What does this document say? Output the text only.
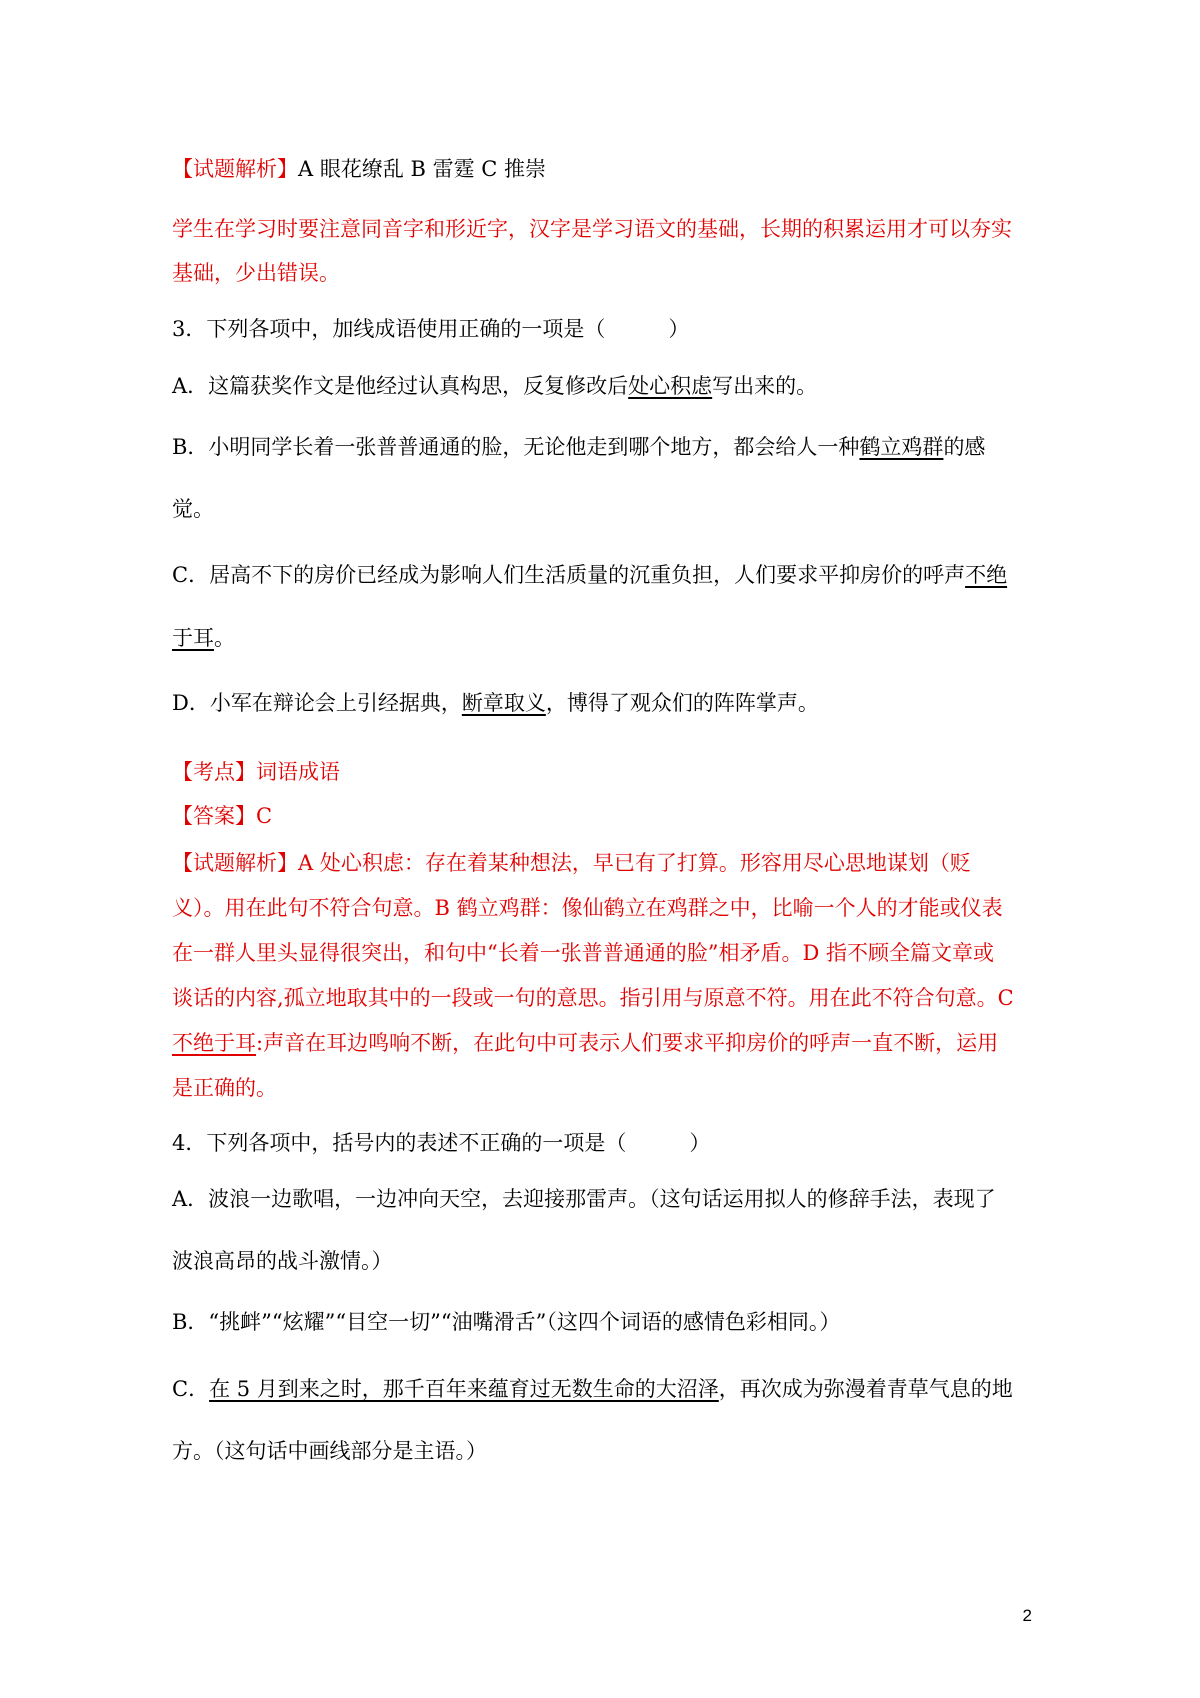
【试题解析】A 眼花缭乱 B 雷霆 C 推崇
学生在学习时要注意同音字和形近字，汉字是学习语文的基础，长期的积累运用才可以夯实
基础，少出错误。
3．下列各项中，加线成语使用正确的一项是（　　　）
A．这篇获奖作文是他经过认真构思，反复修改后处心积虑写出来的。
B．小明同学长着一张普普通通的脸，无论他走到哪个地方，都会给人一种鹤立鸡群的感
觉。
C．居高不下的房价已经成为影响人们生活质量的沉重负担，人们要求平抑房价的呼声不绝
于耳。
D．小军在辩论会上引经据典，断章取义，博得了观众们的阵阵掌声。
【考点】词语成语
【答案】C
【试题解析】A 处心积虑：存在着某种想法，早已有了打算。形容用尽心思地谋划（贬
义）。用在此句不符合句意。B 鹤立鸡群：像仙鹤立在鸡群之中，比喻一个人的才能或仪表
在一群人里头显得很突出，和句中“长着一张普普通通的脸”相矛盾。D 指不顾全篇文章或
谈话的内容,孤立地取其中的一段或一句的意思。指引用与原意不符。用在此不符合句意。C
不绝于耳:声音在耳边鸣响不断，在此句中可表示人们要求平抑房价的呼声一直不断，运用
是正确的。
4．下列各项中，括号内的表述不正确的一项是（　　　）
A．波浪一边歌唱，一边冲向天空，去迎接那雷声。（这句话运用拟人的修辞手法，表现了
波浪高昂的战斗激情。）
B．“挑衅”“炫耀”“目空一切”“油嘴滑舌”（这四个词语的感情色彩相同。）
C．在 5 月到来之时，那千百年来蕴育过无数生命的大沼泽，再次成为弥漫着青草气息的地
方。（这句话中画线部分是主语。）
2
